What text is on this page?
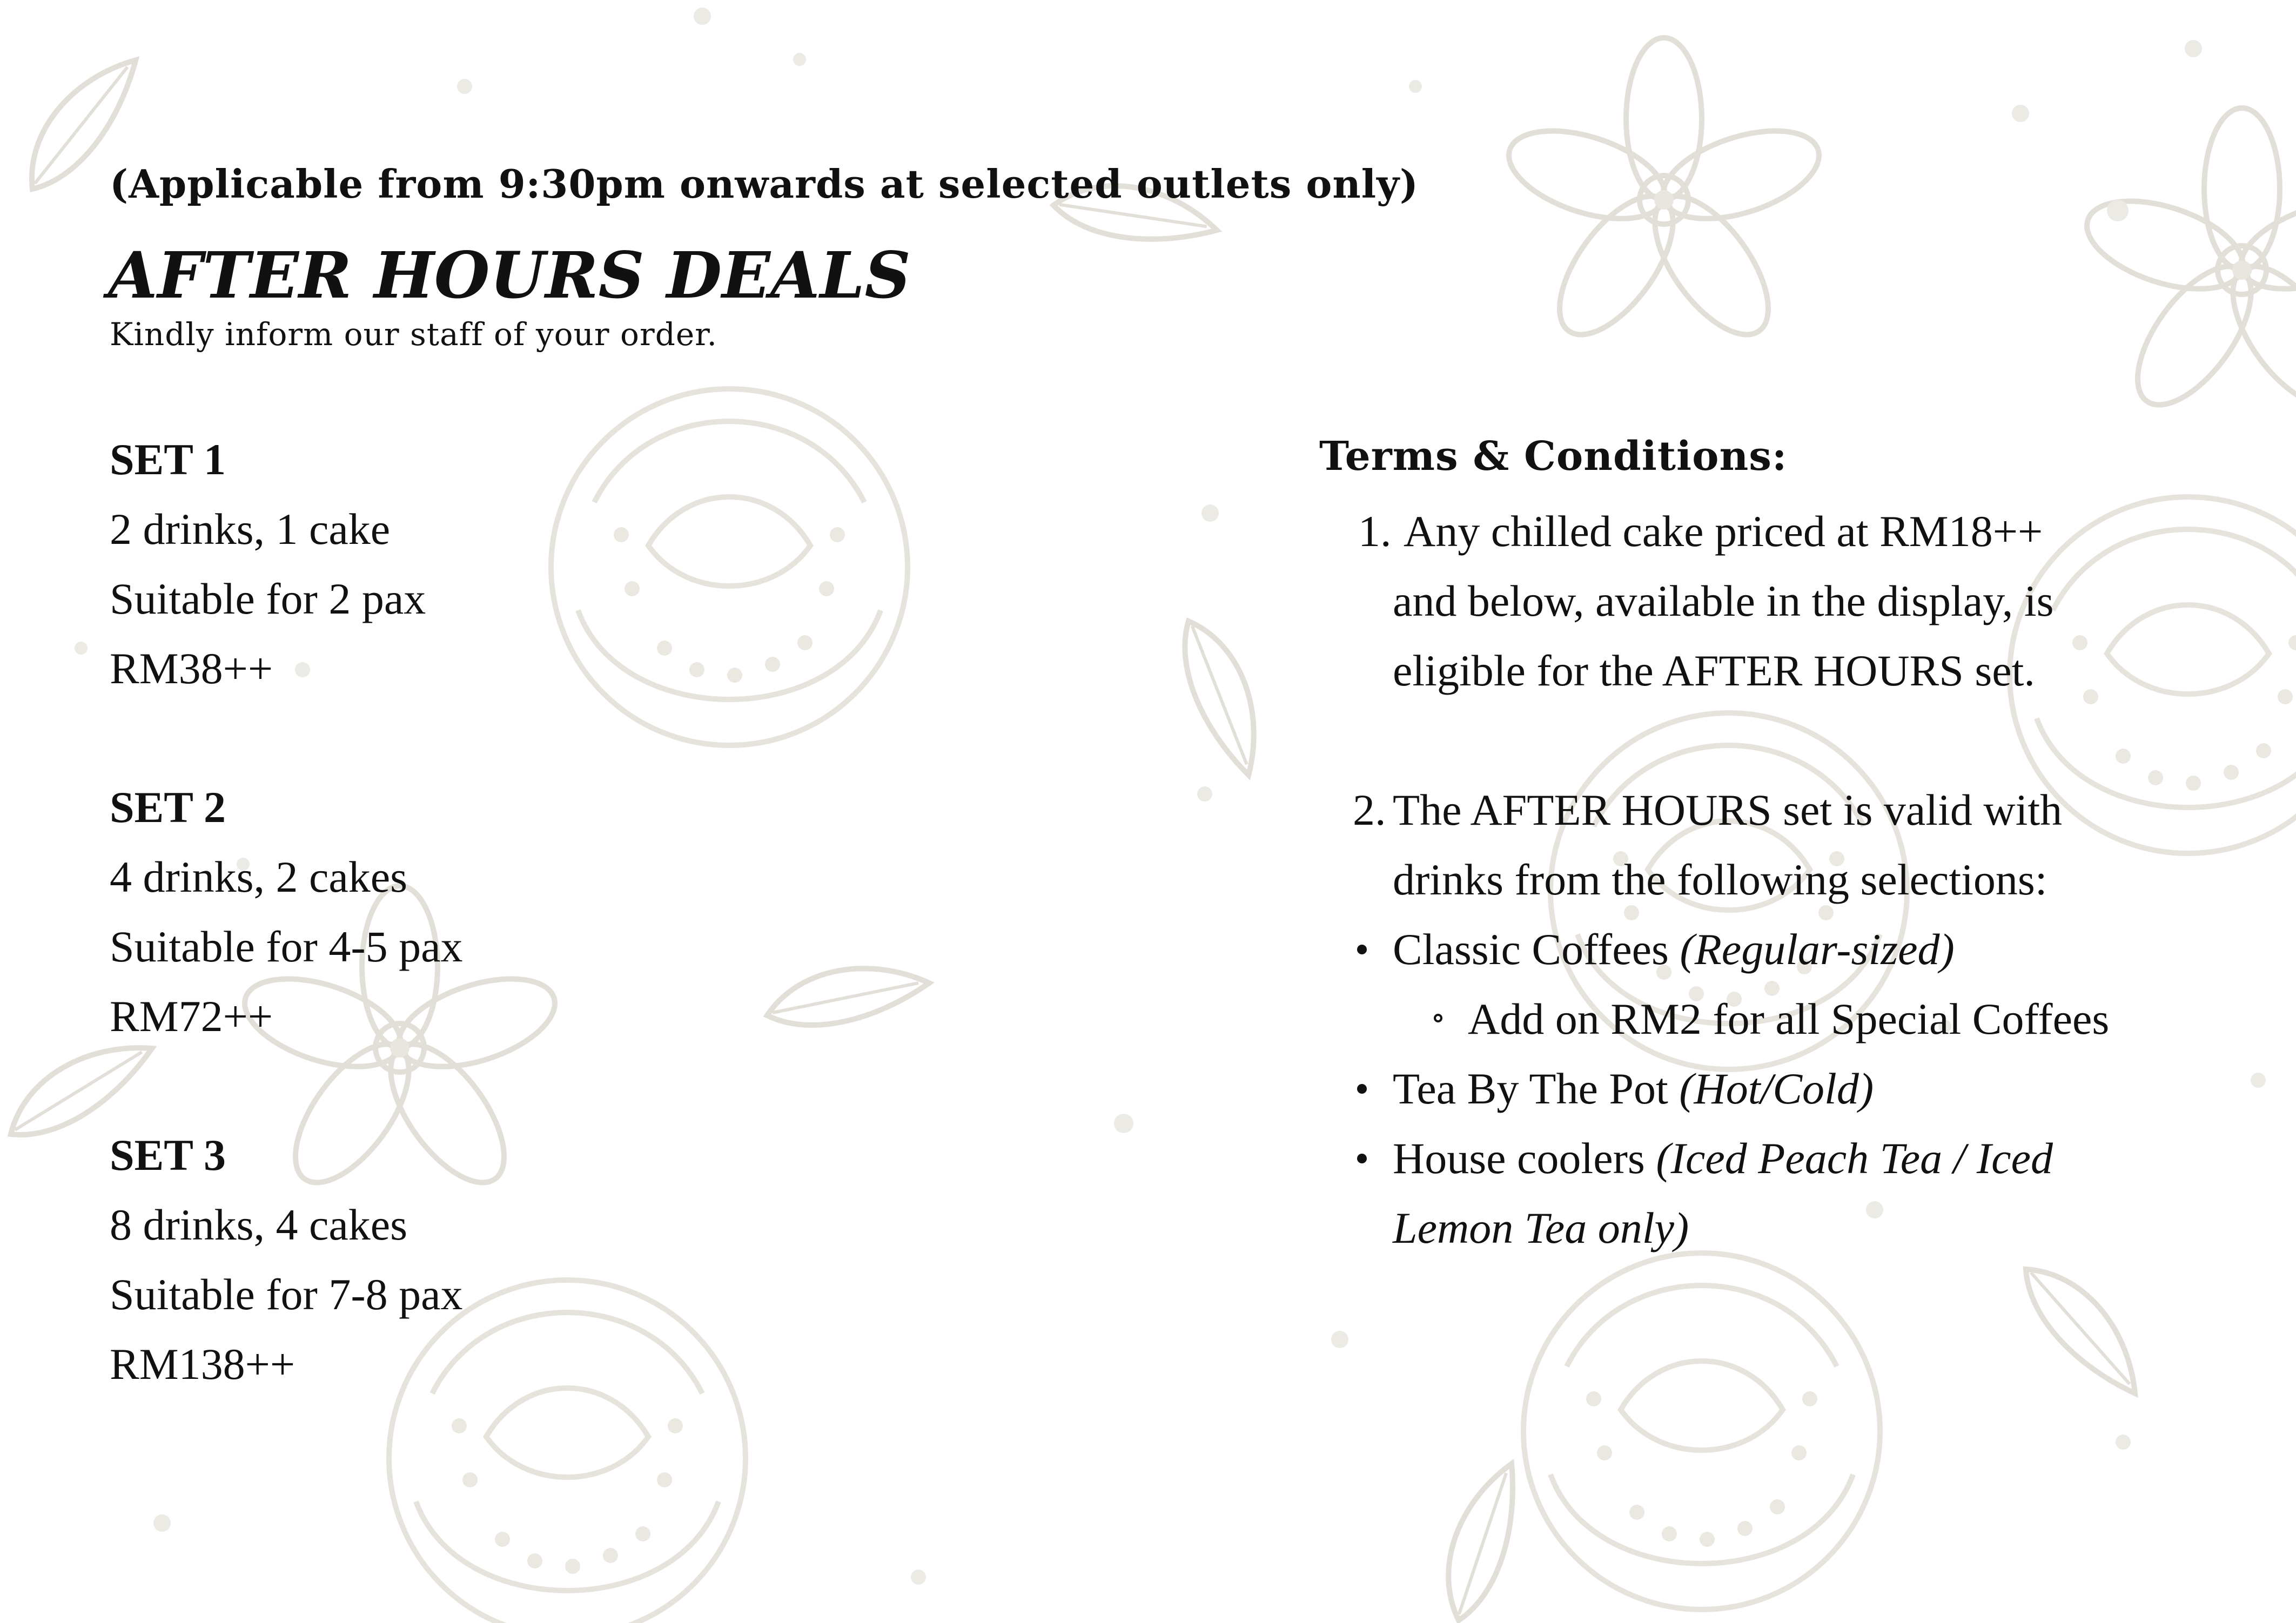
(Applicable from 9:30pm onwards at selected outlets only)
AFTER HOURS DEALS
Kindly inform our staff of your order.
SET 1
2 drinks, 1 cake
Suitable for 2 pax
RM38++
SET 2
4 drinks, 2 cakes
Suitable for 4-5 pax
RM72++
SET 3
8 drinks, 4 cakes
Suitable for 7-8 pax
RM138++
Terms & Conditions:
1. Any chilled cake priced at RM18++
and below, available in the display, is
eligible for the AFTER HOURS set.
2. The AFTER HOURS set is valid with
drinks from the following selections:
Classic Coffees (Regular-sized)
Add on RM2 for all Special Coffees
Tea By The Pot (Hot/Cold)
House coolers (Iced Peach Tea / Iced
Lemon Tea only)
